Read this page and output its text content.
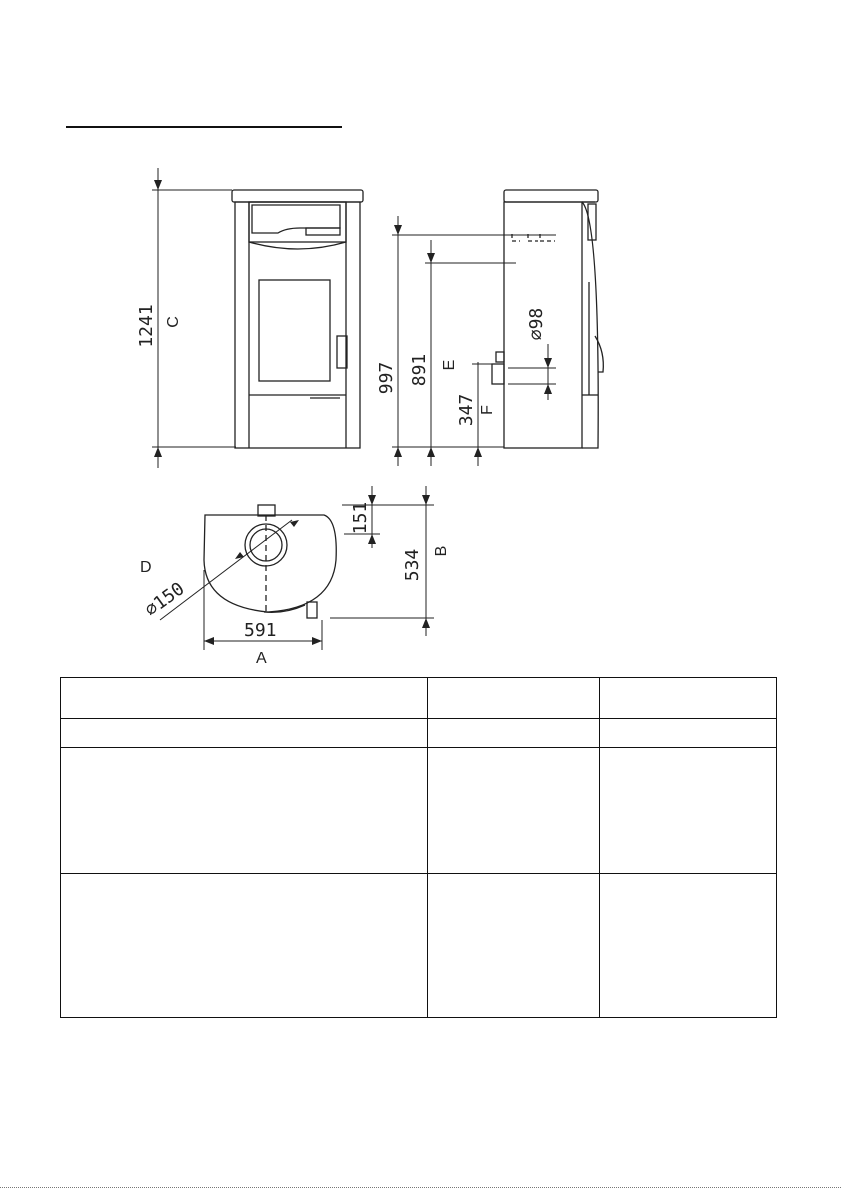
1241 C
997 891 E
347 F
∅98
151
534 B
D
∅150
591
A
